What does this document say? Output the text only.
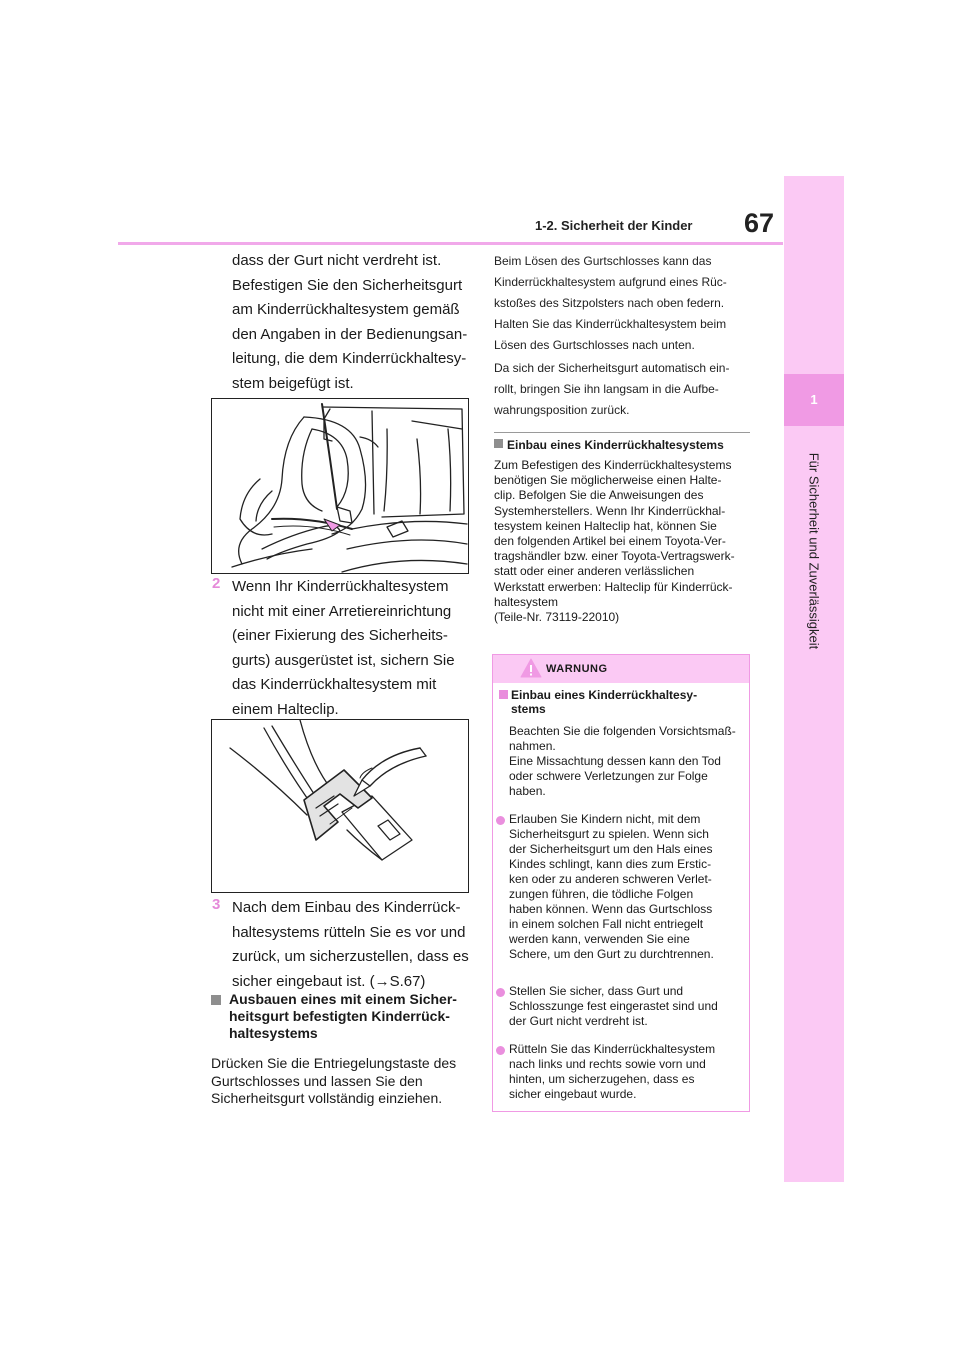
1-2. Sicherheit der Kinder 67
1
Für Sicherheit und Zuverlässigkeit
dass der Gurt nicht verdreht ist.
Befestigen Sie den Sicherheitsgurt
am Kinderrückhaltesystem gemäß
den Angaben in der Bedienungsan-
leitung, die dem Kinderrückhaltesy-
stem beigefügt ist.
2 Wenn Ihr Kinderrückhaltesystem
nicht mit einer Arretiereinrichtung
(einer Fixierung des Sicherheits-
gurts) ausgerüstet ist, sichern Sie
das Kinderrückhaltesystem mit
einem Halteclip.
3 Nach dem Einbau des Kinderrück-
haltesystems rütteln Sie es vor und
zurück, um sicherzustellen, dass es
sicher eingebaut ist. (→S.67)
Ausbauen eines mit einem Sicher-
heitsgurt befestigten Kinderrück-
haltesystems
Drücken Sie die Entriegelungstaste des
Gurtschlosses und lassen Sie den
Sicherheitsgurt vollständig einziehen.
Beim Lösen des Gurtschlosses kann das
Kinderrückhaltesystem aufgrund eines Rüc-
kstoßes des Sitzpolsters nach oben federn.
Halten Sie das Kinderrückhaltesystem beim
Lösen des Gurtschlosses nach unten.
Da sich der Sicherheitsgurt automatisch ein-
rollt, bringen Sie ihn langsam in die Aufbe-
wahrungsposition zurück.
Einbau eines Kinderrückhaltesystems
Zum Befestigen des Kinderrückhaltesystems
benötigen Sie möglicherweise einen Halte-
clip. Befolgen Sie die Anweisungen des
Systemherstellers. Wenn Ihr Kinderrückhal-
tesystem keinen Halteclip hat, können Sie
den folgenden Artikel bei einem Toyota-Ver-
tragshändler bzw. einer Toyota-Vertragswerk-
statt oder einer anderen verlässlichen
Werkstatt erwerben: Halteclip für Kinderrück-
haltesystem
(Teile-Nr. 73119-22010)
WARNUNG
Einbau eines Kinderrückhaltesy-
stems
Beachten Sie die folgenden Vorsichtsmaß-
nahmen.
Eine Missachtung dessen kann den Tod
oder schwere Verletzungen zur Folge
haben.
Erlauben Sie Kindern nicht, mit dem
Sicherheitsgurt zu spielen. Wenn sich
der Sicherheitsgurt um den Hals eines
Kindes schlingt, kann dies zum Erstic-
ken oder zu anderen schweren Verlet-
zungen führen, die tödliche Folgen
haben können. Wenn das Gurtschloss
in einem solchen Fall nicht entriegelt
werden kann, verwenden Sie eine
Schere, um den Gurt zu durchtrennen.
Stellen Sie sicher, dass Gurt und
Schlosszunge fest eingerastet sind und
der Gurt nicht verdreht ist.
Rütteln Sie das Kinderrückhaltesystem
nach links und rechts sowie vorn und
hinten, um sicherzugehen, dass es
sicher eingebaut wurde.
